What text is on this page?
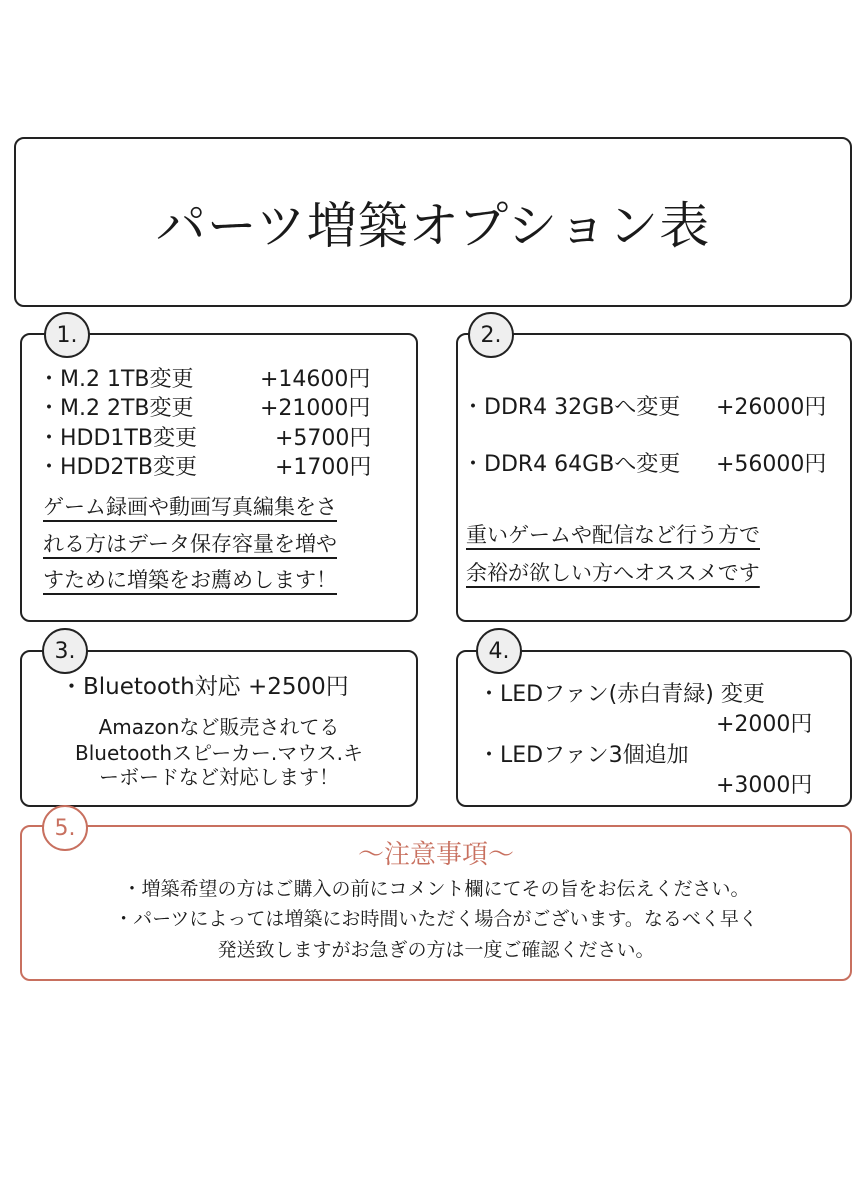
パーツ増築オプション表
1.
・M.2 1TB変更	+14600円
・M.2 2TB変更	+21000円
・HDD1TB変更	+5700円
・HDD2TB変更	+1700円
ゲーム録画や動画写真編集をさ
れる方はデータ保存容量を増や
すために増築をお薦めします！
2.
・DDR4 32GBへ変更 +26000円
・DDR4 64GBへ変更 +56000円
重いゲームや配信など行う方で
余裕が欲しい方へオススメです
3.
・Bluetooth対応 +2500円
Amazonなど販売されてる
Bluetoothスピーカー.マウス.キ
ーボードなど対応します！
4.
・LEDファン(赤白青緑) 変更
+2000円
・LEDファン3個追加
+3000円
5.
〜注意事項〜
・増築希望の方はご購入の前にコメント欄にてその旨をお伝えください。
・パーツによっては増築にお時間いただく場合がございます。なるべく早く
発送致しますがお急ぎの方は一度ご確認ください。
